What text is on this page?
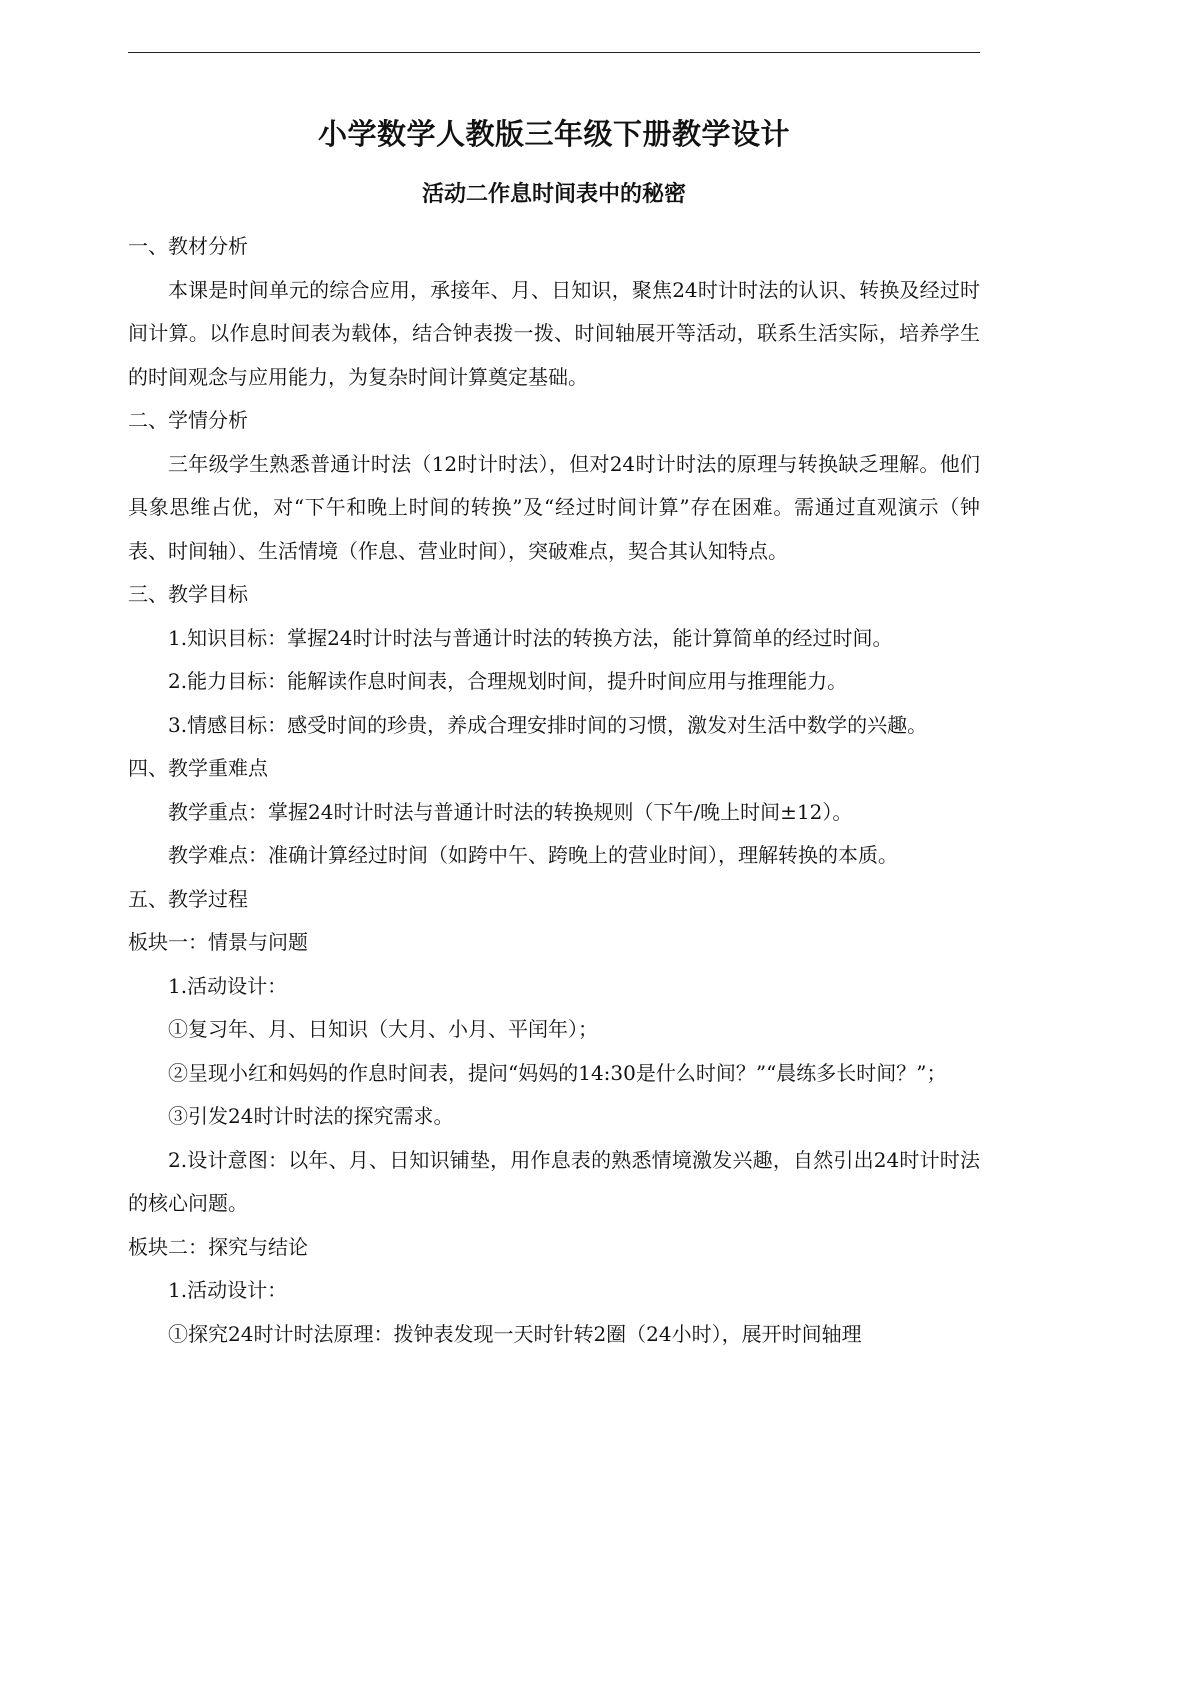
小学数学人教版三年级下册教学设计
活动二作息时间表中的秘密

一、教材分析

本课是时间单元的综合应用，承接年、月、日知识，聚焦24时计时法的认识、转换及经过时间计算。以作息时间表为载体，结合钟表拨一拨、时间轴展开等活动，联系生活实际，培养学生的时间观念与应用能力，为复杂时间计算奠定基础。

二、学情分析

三年级学生熟悉普通计时法（12时计时法），但对24时计时法的原理与转换缺乏理解。他们具象思维占优，对“下午和晚上时间的转换”及“经过时间计算”存在困难。需通过直观演示（钟表、时间轴）、生活情境（作息、营业时间），突破难点，契合其认知特点。

三、教学目标

1.知识目标：掌握24时计时法与普通计时法的转换方法，能计算简单的经过时间。

2.能力目标：能解读作息时间表，合理规划时间，提升时间应用与推理能力。

3.情感目标：感受时间的珍贵，养成合理安排时间的习惯，激发对生活中数学的兴趣。

四、教学重难点

教学重点：掌握24时计时法与普通计时法的转换规则（下午/晚上时间±12）。

教学难点：准确计算经过时间（如跨中午、跨晚上的营业时间），理解转换的本质。

五、教学过程

板块一：情景与问题

1.活动设计：

①复习年、月、日知识（大月、小月、平闰年）；

②呈现小红和妈妈的作息时间表，提问“妈妈的14:30是什么时间？”“晨练多长时间？”；

③引发24时计时法的探究需求。

2.设计意图：以年、月、日知识铺垫，用作息表的熟悉情境激发兴趣，自然引出24时计时法的核心问题。

板块二：探究与结论

1.活动设计：

①探究24时计时法原理：拨钟表发现一天时针转2圈（24小时），展开时间轴理
